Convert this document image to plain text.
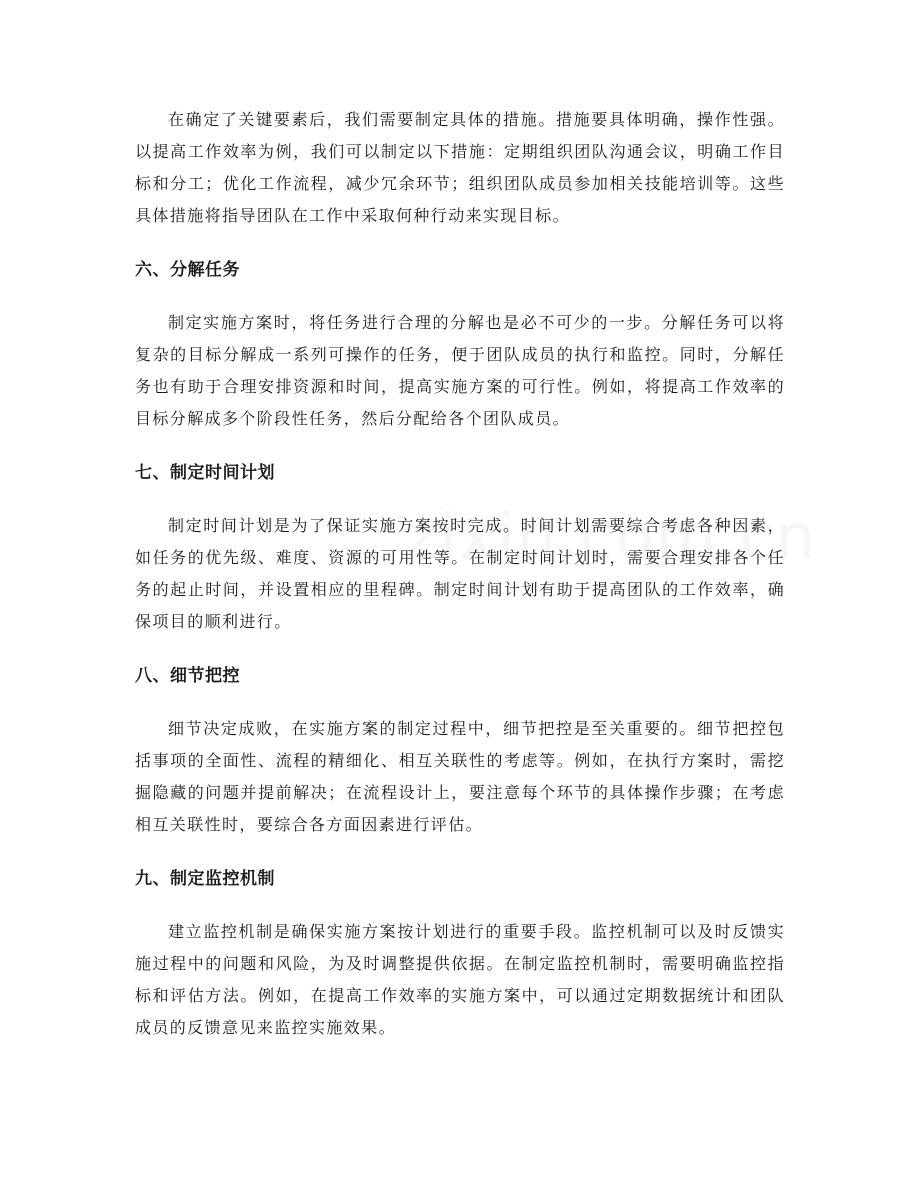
在确定了关键要素后，我们需要制定具体的措施。措施要具体明确，操作性强。以提高工作效率为例，我们可以制定以下措施：定期组织团队沟通会议，明确工作目标和分工；优化工作流程，减少冗余环节；组织团队成员参加相关技能培训等。这些具体措施将指导团队在工作中采取何种行动来实现目标。

六、分解任务

制定实施方案时，将任务进行合理的分解也是必不可少的一步。分解任务可以将复杂的目标分解成一系列可操作的任务，便于团队成员的执行和监控。同时，分解任务也有助于合理安排资源和时间，提高实施方案的可行性。例如，将提高工作效率的目标分解成多个阶段性任务，然后分配给各个团队成员。

七、制定时间计划

制定时间计划是为了保证实施方案按时完成。时间计划需要综合考虑各种因素，如任务的优先级、难度、资源的可用性等。在制定时间计划时，需要合理安排各个任务的起止时间，并设置相应的里程碑。制定时间计划有助于提高团队的工作效率，确保项目的顺利进行。

八、细节把控

细节决定成败，在实施方案的制定过程中，细节把控是至关重要的。细节把控包括事项的全面性、流程的精细化、相互关联性的考虑等。例如，在执行方案时，需挖掘隐藏的问题并提前解决；在流程设计上，要注意每个环节的具体操作步骤；在考虑相互关联性时，要综合各方面因素进行评估。

九、制定监控机制

建立监控机制是确保实施方案按计划进行的重要手段。监控机制可以及时反馈实施过程中的问题和风险，为及时调整提供依据。在制定监控机制时，需要明确监控指标和评估方法。例如，在提高工作效率的实施方案中，可以通过定期数据统计和团队成员的反馈意见来监控实施效果。
